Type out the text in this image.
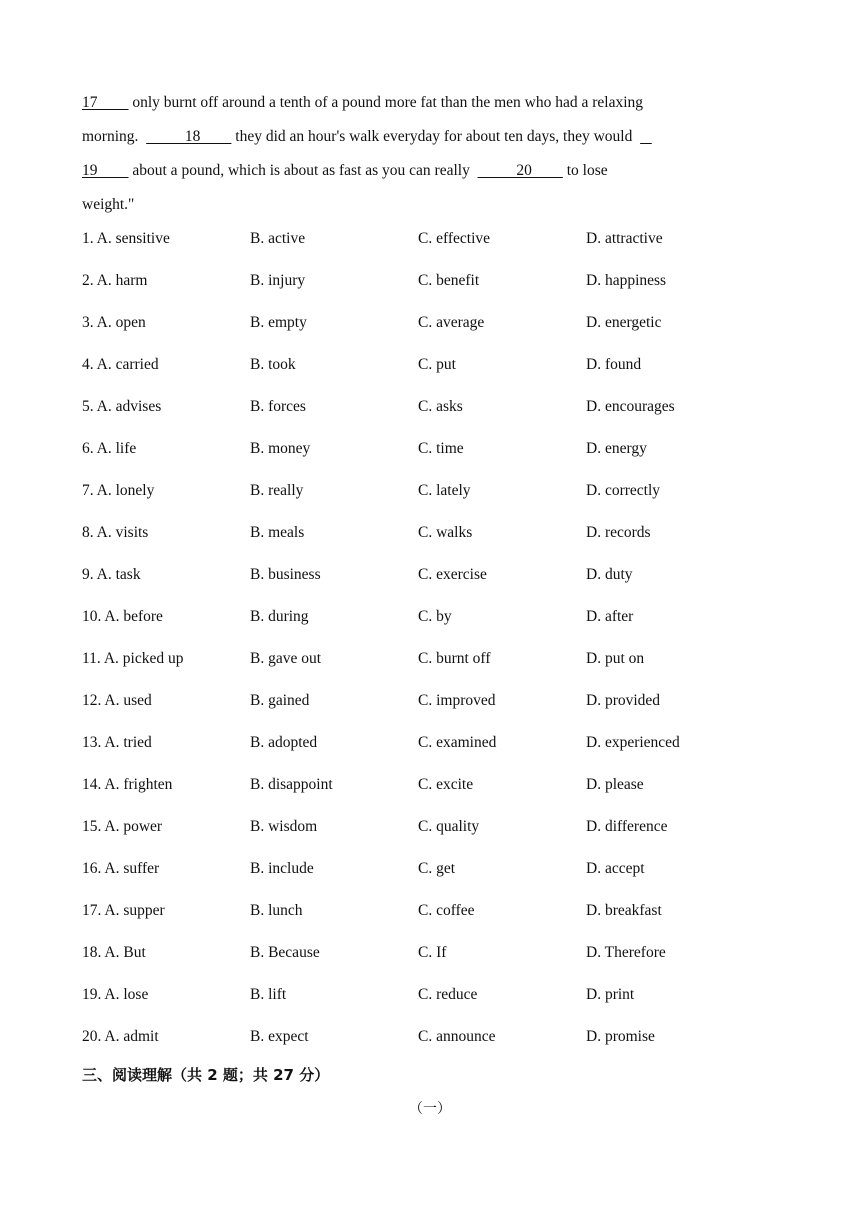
17         only burnt off around a tenth of a pound more fat than the men who had a relaxing
morning.            18         they did an hour's walk everyday for about ten days, they would
19         about a pound, which is about as fast as you can really            20         to lose
weight."
1. A. sensitive	B. active	C. effective	D. attractive
2. A. harm	B. injury	C. benefit	D. happiness
3. A. open	B. empty	C. average	D. energetic
4. A. carried	B. took	C. put	D. found
5. A. advises	B. forces	C. asks	D. encourages
6. A. life	B. money	C. time	D. energy
7. A. lonely	B. really	C. lately	D. correctly
8. A. visits	B. meals	C. walks	D. records
9. A. task	B. business	C. exercise	D. duty
10. A. before	B. during	C. by	D. after
11. A. picked up	B. gave out	C. burnt off	D. put on
12. A. used	B. gained	C. improved	D. provided
13. A. tried	B. adopted	C. examined	D. experienced
14. A. frighten	B. disappoint	C. excite	D. please
15. A. power	B. wisdom	C. quality	D. difference
16. A. suffer	B. include	C. get	D. accept
17. A. supper	B. lunch	C. coffee	D. breakfast
18. A. But	B. Because	C. If	D. Therefore
19. A. lose	B. lift	C. reduce	D. print
20. A. admit	B. expect	C. announce	D. promise
三、阅读理解（共 2 题；共 27 分）
（一）
